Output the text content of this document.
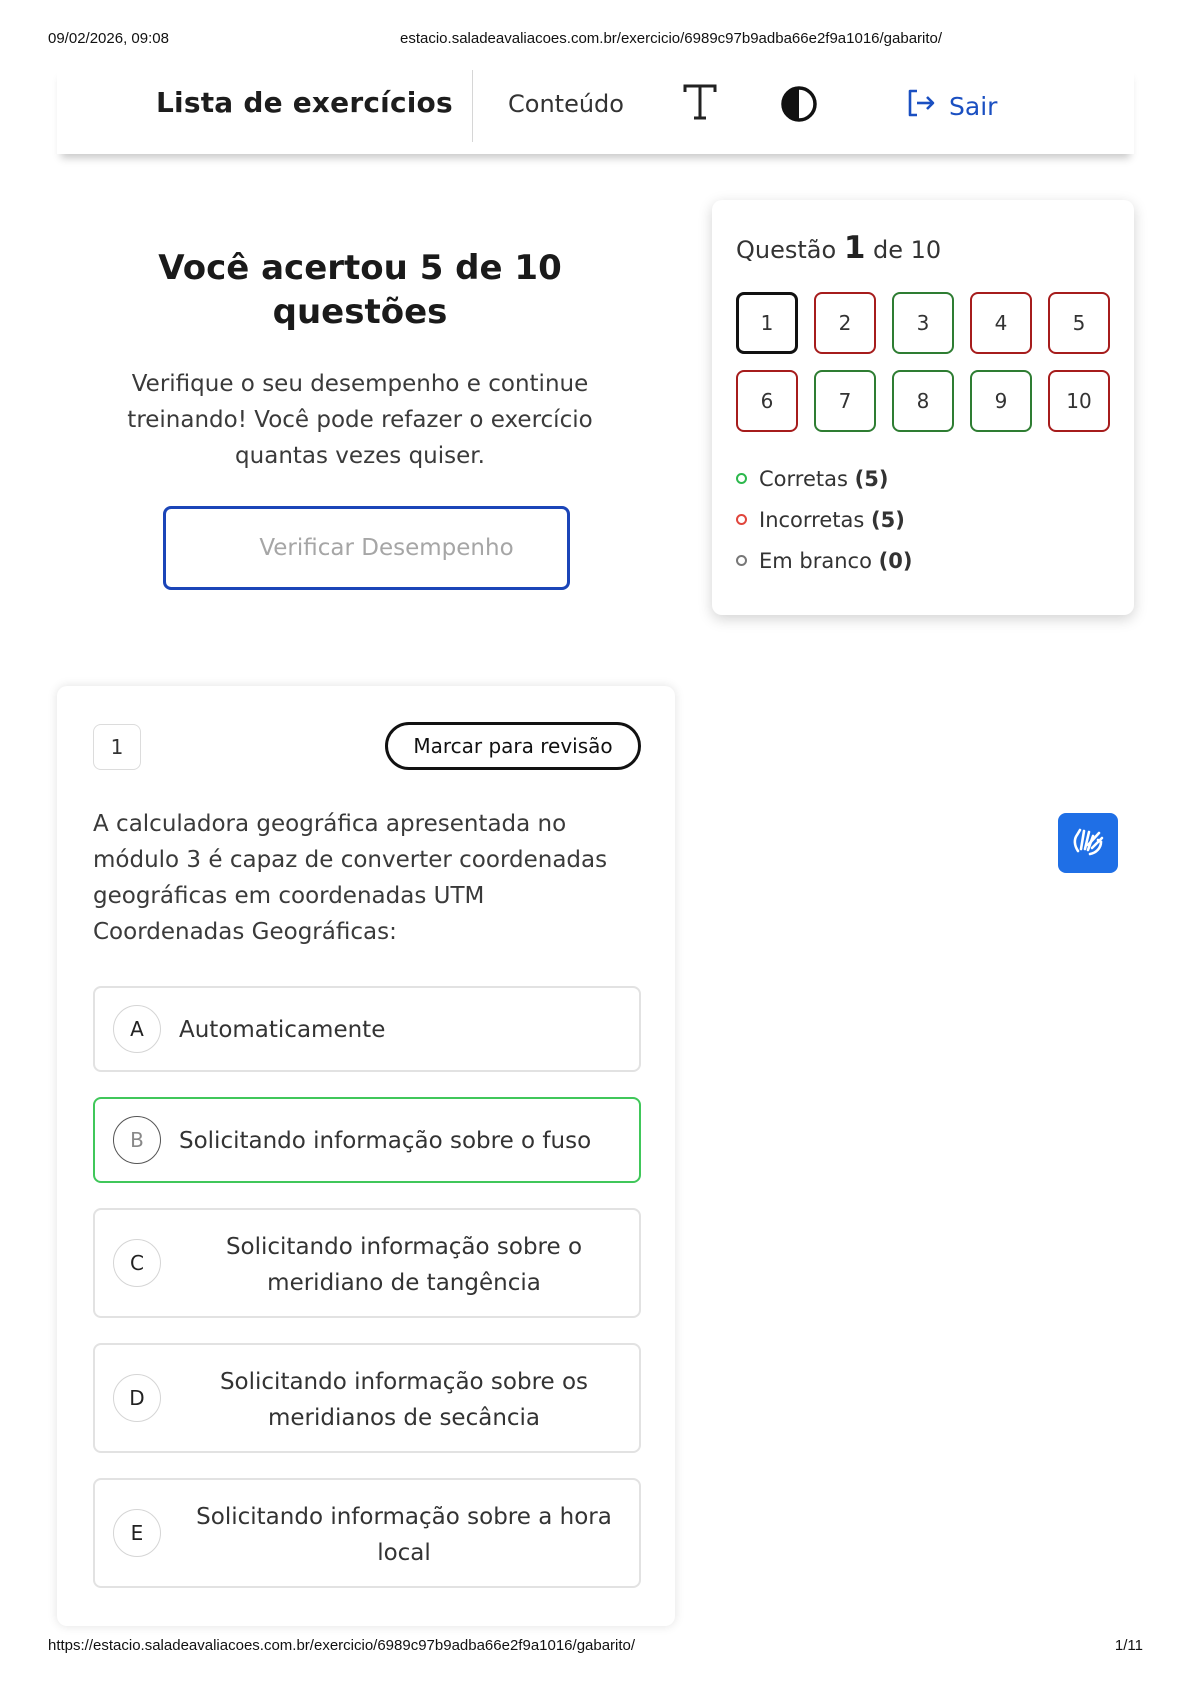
09/02/2026, 09:08	estacio.saladeavaliacoes.com.br/exercicio/6989c97b9adba66e2f9a1016/gabarito/
Lista de exercícios Conteúdo	Sair
Você acertou 5 de 10 questões

Verifique o seu desempenho e continue treinando! Você pode refazer o exercício quantas vezes quiser.

Verificar Desempenho
Questão 1 de 10
1	2	3	4	5
6	7	8	9	10
Corretas (5)
Incorretas (5)
Em branco (0)
1	Marcar para revisão
A calculadora geográfica apresentada no
módulo 3 é capaz de converter coordenadas
geográficas em coordenadas UTM
Coordenadas Geográficas:
A	Automaticamente
B	Solicitando informação sobre o fuso
C
Solicitando informação sobre o
meridiano de tangência
D
Solicitando informação sobre os
meridianos de secância
E
Solicitando informação sobre a hora
local
https://estacio.saladeavaliacoes.com.br/exercicio/6989c97b9adba66e2f9a1016/gabarito/	1/11
